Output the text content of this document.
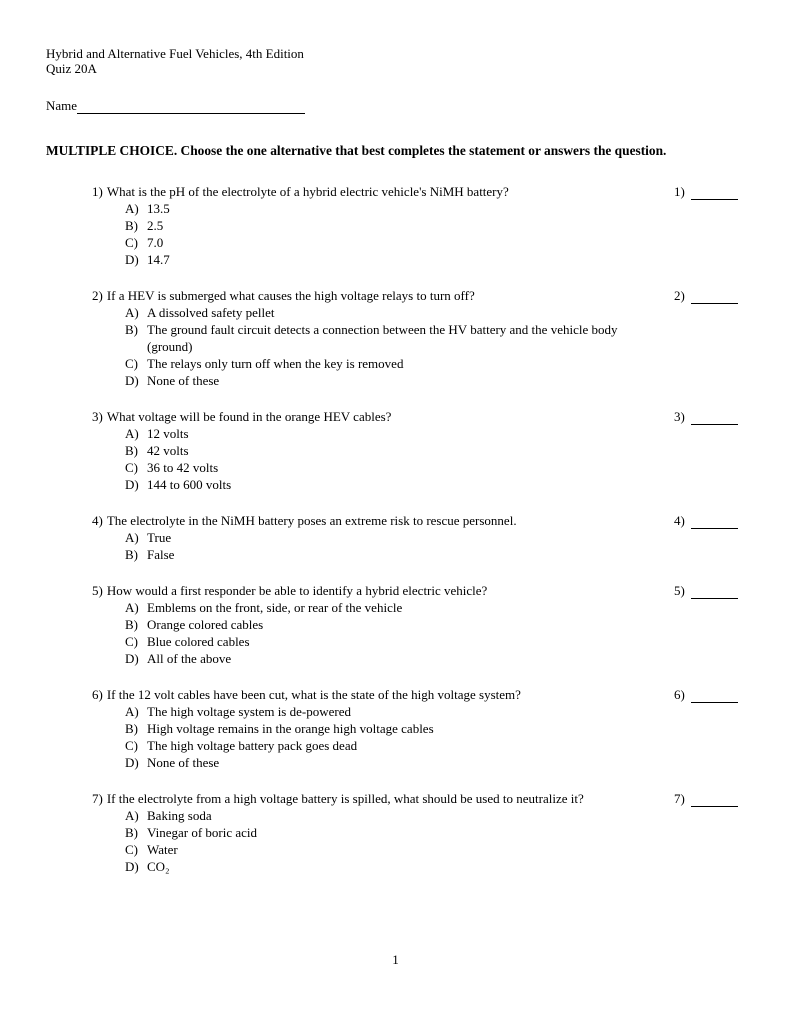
Hybrid and Alternative Fuel Vehicles, 4th Edition
Quiz 20A
Name
MULTIPLE CHOICE. Choose the one alternative that best completes the statement or answers the question.
1) What is the pH of the electrolyte of a hybrid electric vehicle's NiMH battery?	1)
A) 13.5
B) 2.5
C) 7.0
D) 14.7
2) If a HEV is submerged what causes the high voltage relays to turn off?	2)
A) A dissolved safety pellet
B) The ground fault circuit detects a connection between the HV battery and the vehicle body (ground)
C) The relays only turn off when the key is removed
D) None of these
3) What voltage will be found in the orange HEV cables?	3)
A) 12 volts
B) 42 volts
C) 36 to 42 volts
D) 144 to 600 volts
4) The electrolyte in the NiMH battery poses an extreme risk to rescue personnel.	4)
A) True
B) False
5) How would a first responder be able to identify a hybrid electric vehicle?	5)
A) Emblems on the front, side, or rear of the vehicle
B) Orange colored cables
C) Blue colored cables
D) All of the above
6) If the 12 volt cables have been cut, what is the state of the high voltage system?	6)
A) The high voltage system is de-powered
B) High voltage remains in the orange high voltage cables
C) The high voltage battery pack goes dead
D) None of these
7) If the electrolyte from a high voltage battery is spilled, what should be used to neutralize it?	7)
A) Baking soda
B) Vinegar of boric acid
C) Water
D) CO₂
1
